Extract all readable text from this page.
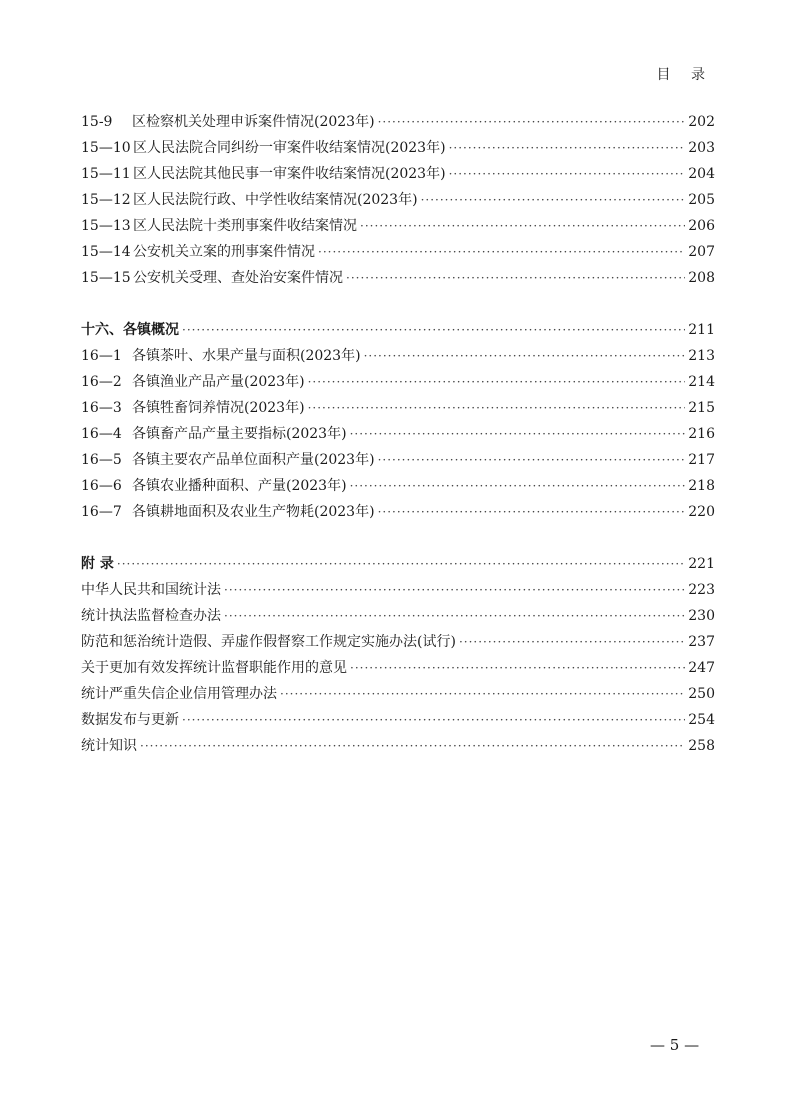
目 录
15-9	区检察机关处理申诉案件情况(2023年) ·····	202
15—10 区人民法院合同纠纷一审案件收结案情况(2023年) ·····	203
15—11 区人民法院其他民事一审案件收结案情况(2023年) ·····	204
15—12 区人民法院行政、中学性收结案情况(2023年) ·····	205
15—13 区人民法院十类刑事案件收结案情况 ·····	206
15—14 公安机关立案的刑事案件情况 ·····	207
15—15 公安机关受理、查处治安案件情况 ·····	208
十六、各镇概况 ·····	211
16—1 各镇茶叶、水果产量与面积(2023年) ·····	213
16—2 各镇渔业产品产量(2023年) ·····	214
16—3 各镇牲畜饲养情况(2023年) ·····	215
16—4 各镇畜产品产量主要指标(2023年) ·····	216
16—5 各镇主要农产品单位面积产量(2023年) ·····	217
16—6 各镇农业播种面积、产量(2023年) ·····	218
16—7 各镇耕地面积及农业生产物耗(2023年) ·····	220
附 录 ·····	221
中华人民共和国统计法 ·····	223
统计执法监督检查办法 ·····	230
防范和惩治统计造假、弄虚作假督察工作规定实施办法(试行) ·····	237
关于更加有效发挥统计监督职能作用的意见 ·····	247
统计严重失信企业信用管理办法 ·····	250
数据发布与更新 ·····	254
统计知识 ·····	258
— 5 —
